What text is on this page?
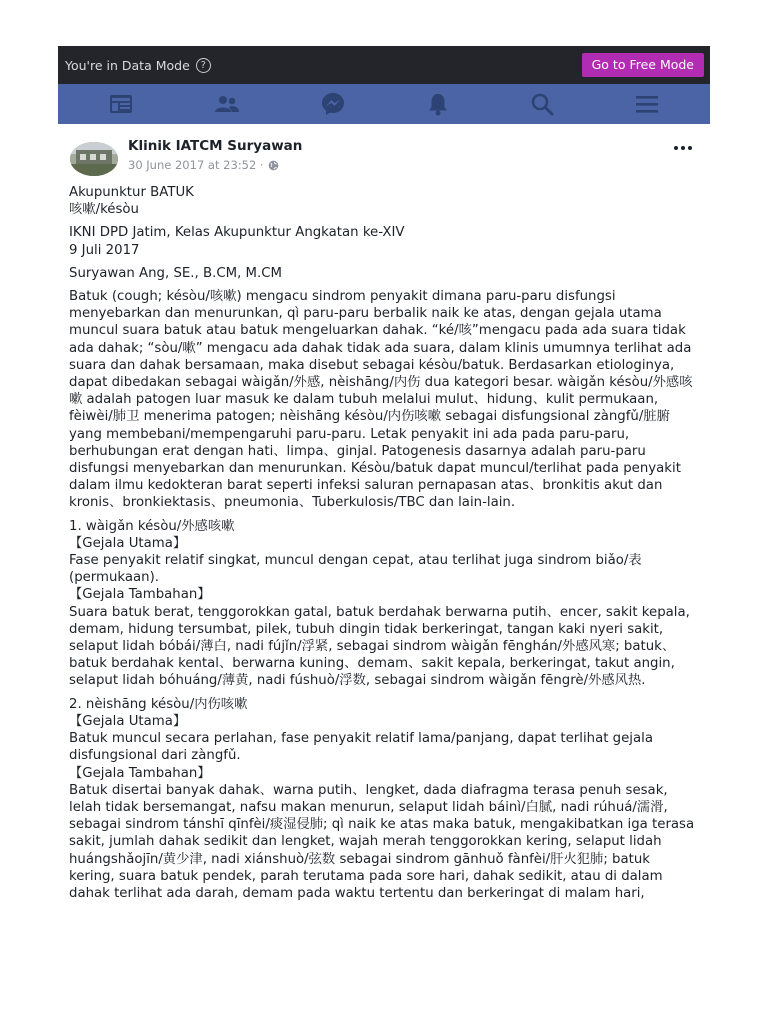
You're in Data Mode	?	Go to Free Mode
Klinik IATCM Suryawan
30 June 2017 at 23:52 ·

Akupunktur BATUK
咳嗽/késòu

IKNI DPD Jatim, Kelas Akupunktur Angkatan ke-XIV
9 Juli 2017

Suryawan Ang, SE., B.CM, M.CM

Batuk (cough; késòu/咳嗽) mengacu sindrom penyakit dimana paru-paru disfungsi menyebarkan dan menurunkan, qì paru-paru berbalik naik ke atas, dengan gejala utama muncul suara batuk atau batuk mengeluarkan dahak. “ké/咳”mengacu pada ada suara tidak ada dahak; “sòu/嗽” mengacu ada dahak tidak ada suara, dalam klinis umumnya terlihat ada suara dan dahak bersamaan, maka disebut sebagai késòu/batuk. Berdasarkan etiologinya, dapat dibedakan sebagai wàigǎn/外感, nèishāng/内伤 dua kategori besar. wàigǎn késòu/外感咳嗽 adalah patogen luar masuk ke dalam tubuh melalui mulut、hidung、kulit permukaan, fèiwèi/肺卫 menerima patogen; nèishāng késòu/内伤咳嗽 sebagai disfungsional zàngfǔ/脏腑 yang membebani/mempengaruhi paru-paru. Letak penyakit ini ada pada paru-paru, berhubungan erat dengan hati、limpa、ginjal. Patogenesis dasarnya adalah paru-paru disfungsi menyebarkan dan menurunkan. Késòu/batuk dapat muncul/terlihat pada penyakit dalam ilmu kedokteran barat seperti infeksi saluran pernapasan atas、bronkitis akut dan kronis、bronkiektasis、pneumonia、Tuberkulosis/TBC dan lain-lain.

1. wàigǎn késòu/外感咳嗽
【Gejala Utama】
Fase penyakit relatif singkat, muncul dengan cepat, atau terlihat juga sindrom biǎo/表 (permukaan).
【Gejala Tambahan】
Suara batuk berat, tenggorokkan gatal, batuk berdahak berwarna putih、encer, sakit kepala, demam, hidung tersumbat, pilek, tubuh dingin tidak berkeringat, tangan kaki nyeri sakit, selaput lidah bóbái/薄白, nadi fújǐn/浮紧, sebagai sindrom wàigǎn fēnghán/外感风寒; batuk、batuk berdahak kental、berwarna kuning、demam、sakit kepala, berkeringat, takut angin, selaput lidah bóhuáng/薄黄, nadi fúshuò/浮数, sebagai sindrom wàigǎn fēngrè/外感风热.

2. nèishāng késòu/内伤咳嗽
【Gejala Utama】
Batuk muncul secara perlahan, fase penyakit relatif lama/panjang, dapat terlihat gejala disfungsional dari zàngfǔ.
【Gejala Tambahan】
Batuk disertai banyak dahak、warna putih、lengket, dada diafragma terasa penuh sesak, lelah tidak bersemangat, nafsu makan menurun, selaput lidah báinì/白腻, nadi rúhuá/濡滑, sebagai sindrom tánshī qīnfèi/痰湿侵肺; qì naik ke atas maka batuk, mengakibatkan iga terasa sakit, jumlah dahak sedikit dan lengket, wajah merah tenggorokkan kering, selaput lidah huángshǎojīn/黄少津, nadi xiánshuò/弦数 sebagai sindrom gānhuǒ fànfèi/肝火犯肺; batuk kering, suara batuk pendek, parah terutama pada sore hari, dahak sedikit, atau di dalam dahak terlihat ada darah, demam pada waktu tertentu dan berkeringat di malam hari,
